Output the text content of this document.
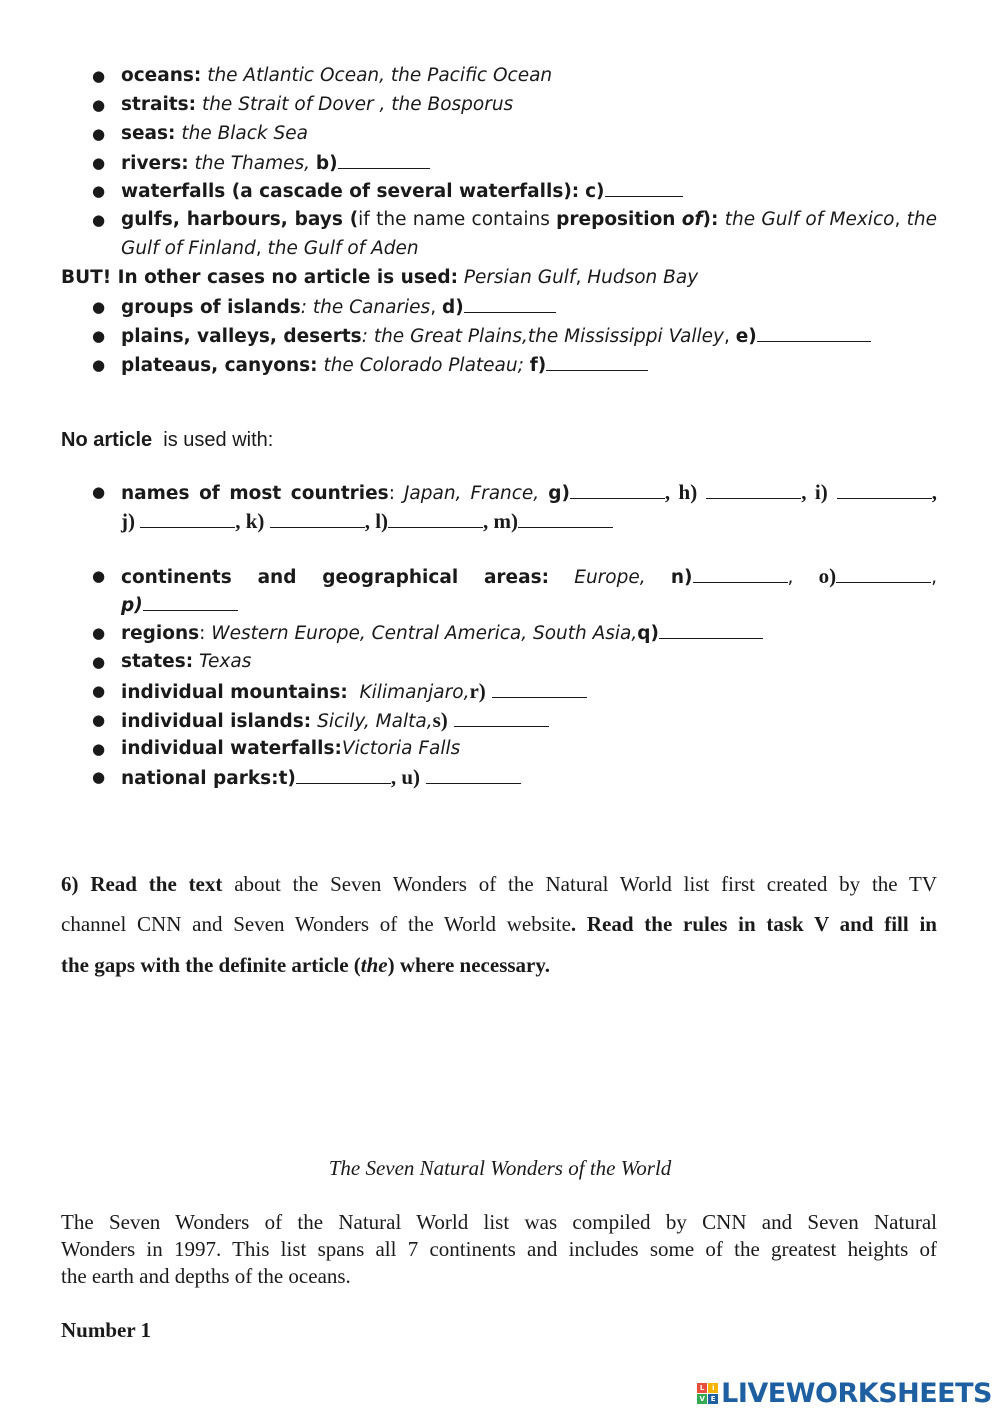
● oceans: the Atlantic Ocean, the Pacific Ocean
● straits: the Strait of Dover , the Bosporus
● seas: the Black Sea
● rivers: the Thames, b)
● waterfalls (a cascade of several waterfalls): c)
● gulfs, harbours, bays (if the name contains preposition of): the Gulf of Mexico, the
Gulf of Finland, the Gulf of Aden
BUT! In other cases no article is used: Persian Gulf, Hudson Bay
● groups of islands: the Canaries, d)
● plains, valleys, deserts: the Great Plains,the Mississippi Valley, e)
● plateaus, canyons: the Colorado Plateau; f)
No article is used with:
● names of most countries: Japan, France, g)	, h)	, i)	,
j)	, k)	, l)	, m)
● continents and geographical areas: Europe, n)	, o)	,
p)
● regions: Western Europe, Central America, South Asia,q)
● states: Texas
● individual mountains: Kilimanjaro,r)
● individual islands: Sicily, Malta,s)
● individual waterfalls:Victoria Falls
● national parks:t)	, u)
6) Read the text about the Seven Wonders of the Natural World list first created by the TV
channel CNN and Seven Wonders of the World website. Read the rules in task V and fill in
the gaps with the definite article (the) where necessary.
The Seven Natural Wonders of the World
The Seven Wonders of the Natural World list was compiled by CNN and Seven Natural
Wonders in 1997. This list spans all 7 continents and includes some of the greatest heights of
the earth and depths of the oceans.
Number 1
L	i
V E LIVEWORKSHEETS
